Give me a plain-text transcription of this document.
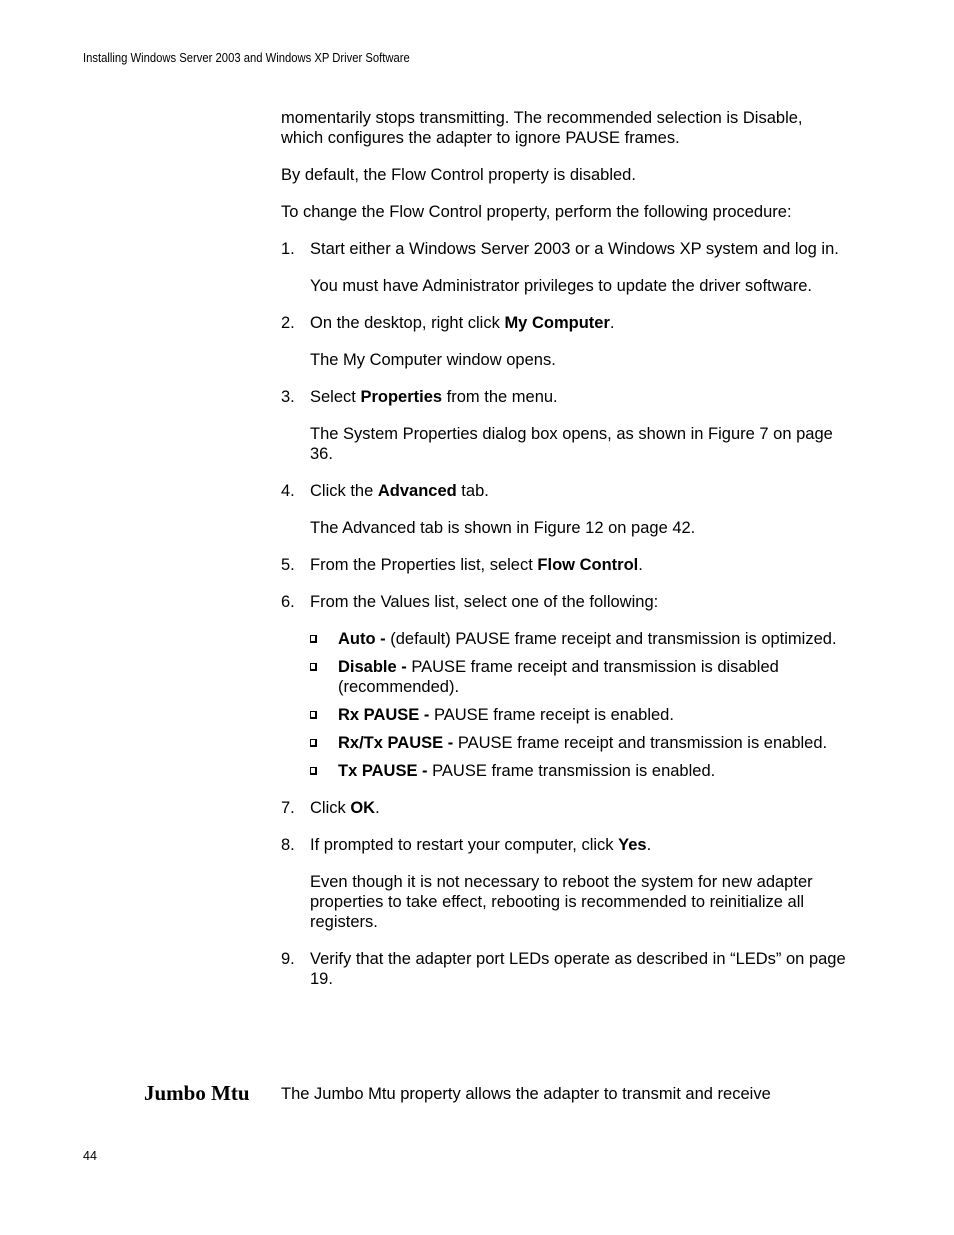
Installing Windows Server 2003 and Windows XP Driver Software

momentarily stops transmitting. The recommended selection is Disable, which configures the adapter to ignore PAUSE frames.

By default, the Flow Control property is disabled.

To change the Flow Control property, perform the following procedure:

1. Start either a Windows Server 2003 or a Windows XP system and log in.

You must have Administrator privileges to update the driver software.

2. On the desktop, right click My Computer.

The My Computer window opens.

3. Select Properties from the menu.

The System Properties dialog box opens, as shown in Figure 7 on page 36.

4. Click the Advanced tab.

The Advanced tab is shown in Figure 12 on page 42.

5. From the Properties list, select Flow Control.
6. From the Values list, select one of the following:
Auto - (default) PAUSE frame receipt and transmission is optimized.
Disable - PAUSE frame receipt and transmission is disabled (recommended).
Rx PAUSE - PAUSE frame receipt is enabled.
Rx/Tx PAUSE - PAUSE frame receipt and transmission is enabled.
Tx PAUSE - PAUSE frame transmission is enabled.
7. Click OK.
8. If prompted to restart your computer, click Yes.

Even though it is not necessary to reboot the system for new adapter properties to take effect, rebooting is recommended to reinitialize all registers.

9. Verify that the adapter port LEDs operate as described in “LEDs” on page 19.
Jumbo Mtu The Jumbo Mtu property allows the adapter to transmit and receive
44
